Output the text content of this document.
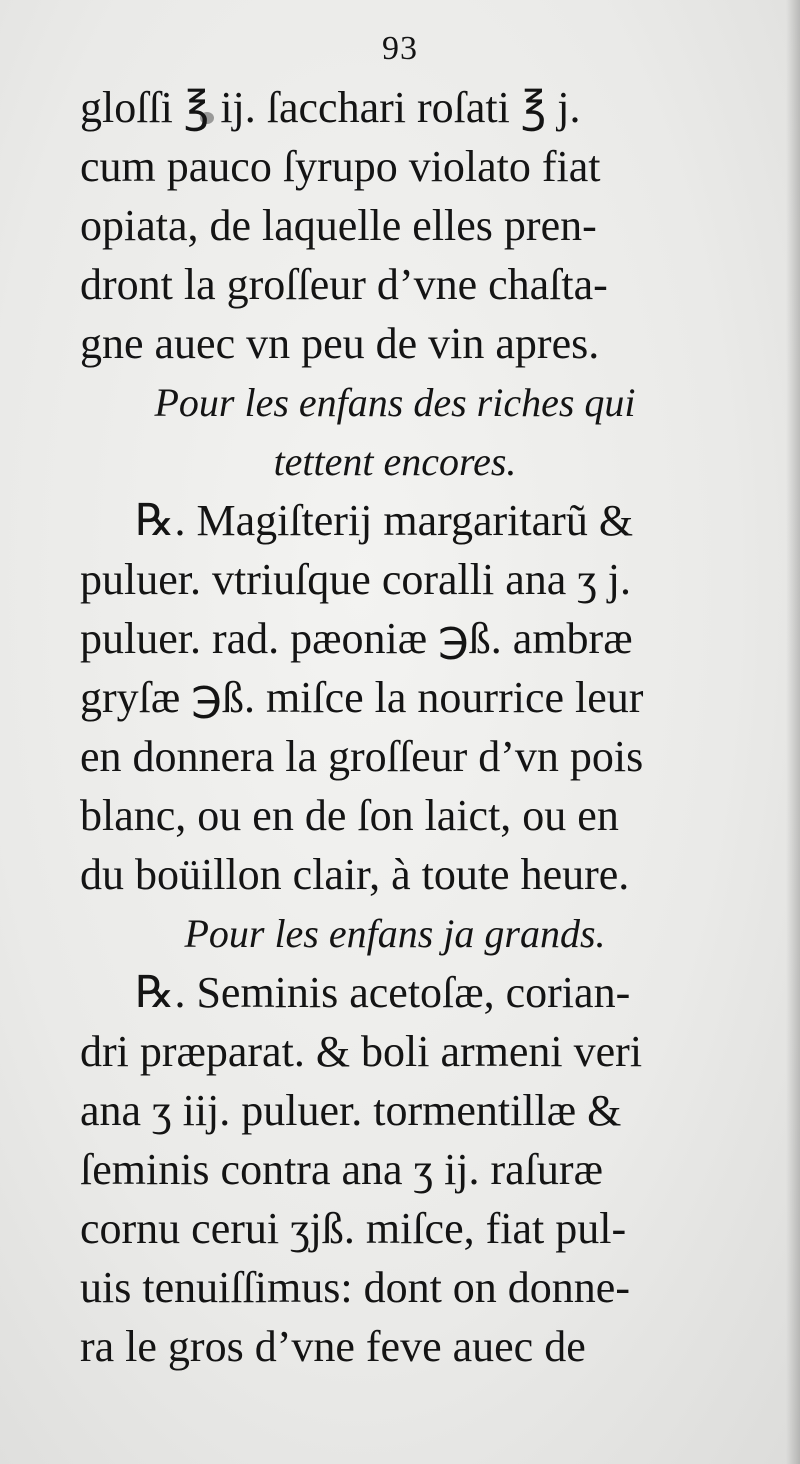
93
gloſſi ℥ ij. ſacchari roſati ℥ j.
cum pauco ſyrupo violato fiat
opiata, de laquelle elles pren-
dront la groſſeur d’vne chaſta-
gne auec vn peu de vin apres.
Pour les enfans des riches qui
tettent encores.
℞. Magiſterij margaritarũ &
puluer. vtriuſque coralli ana ʒ j.
puluer. rad. pæoniæ ℈ß. ambræ
gryſæ ℈ß. miſce la nourrice leur
en donnera la groſſeur d’vn pois
blanc, ou en de ſon laict, ou en
du boüillon clair, à toute heure.
Pour les enfans ja grands.
℞. Seminis acetoſæ, corian-
dri præparat. & boli armeni veri
ana ʒ iij. puluer. tormentillæ &
ſeminis contra ana ʒ ij. raſuræ
cornu cerui ʒjß. miſce, fiat pul-
uis tenuiſſimus: dont on donne-
ra le gros d’vne feve auec de
